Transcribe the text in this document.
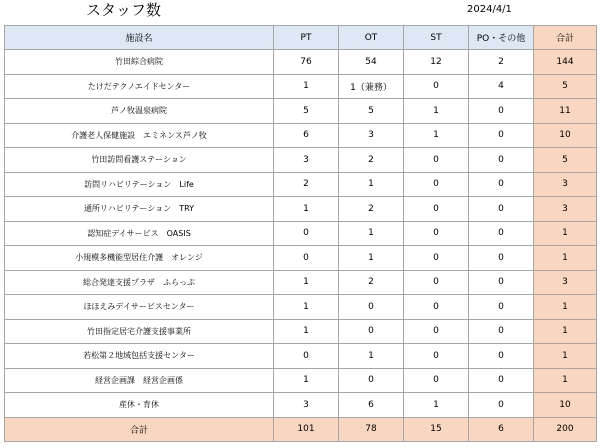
スタッフ数	2024/4/1
施設名	PT	OT	ST	PO・その他	合計
竹田綜合病院	76	54	12	2	144
たけだテクノエイドセンター	1	1（兼務）	0	4	5
芦ノ牧温泉病院	5	5	1	0	11
介護老人保健施設　エミネンス芦ノ牧	6	3	1	0	10
竹田訪問看護ステーション	3	2	0	0	5
訪問リハビリテーション　Life	2	1	0	0	3
通所リハビリテーション　TRY	1	2	0	0	3
認知症デイサービス　OASIS	0	1	0	0	1
小規模多機能型居住介護　オレンジ	0	1	0	0	1
総合発達支援プラザ　ふらっぷ	1	2	0	0	3
ほほえみデイサービスセンター	1	0	0	0	1
竹田指定居宅介護支援事業所	1	0	0	0	1
若松第２地域包括支援センター	0	1	0	0	1
経営企画課　経営企画係	1	0	0	0	1
産休・育休	3	6	1	0	10
合計	101	78	15	6	200
